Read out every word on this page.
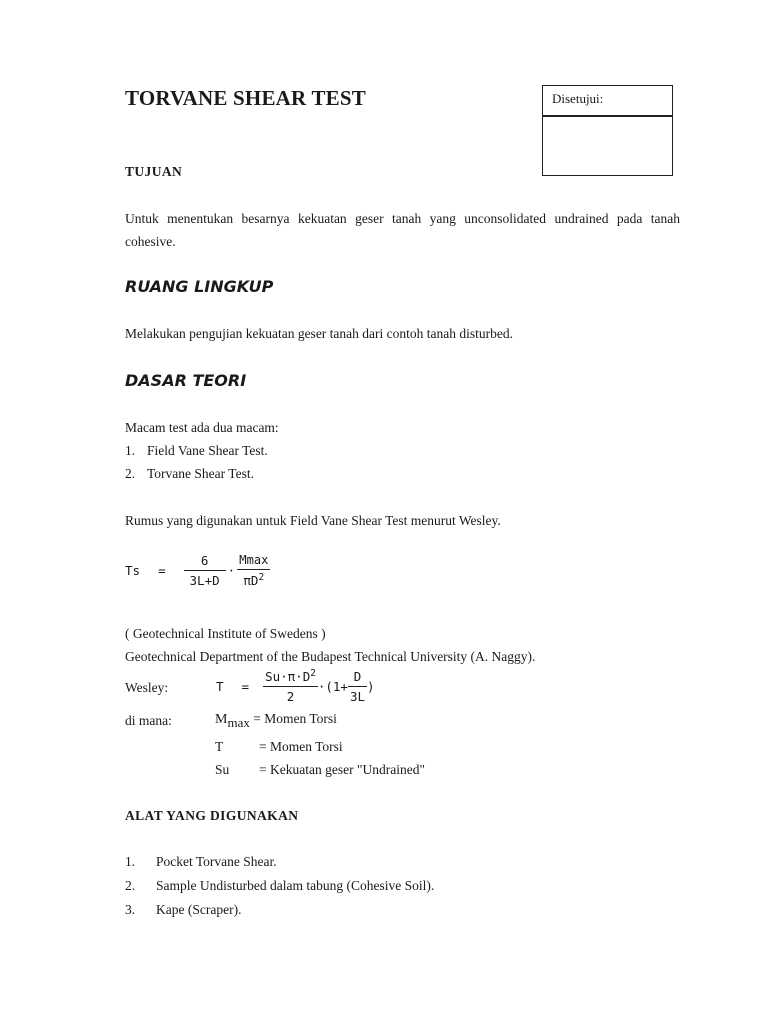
TORVANE SHEAR TEST	Disetujui:
TUJUAN
Untuk menentukan besarnya kekuatan geser tanah yang unconsolidated undrained pada tanah cohesive.
RUANG LINGKUP
Melakukan pengujian kekuatan geser tanah dari contoh tanah disturbed.
DASAR TEORI
Macam test ada dua macam:
1. Field Vane Shear Test.
2. Torvane Shear Test.
Rumus yang digunakan untuk Field Vane Shear Test menurut Wesley.
$Ts = \frac{6}{3L+D} \cdot \frac{Mmax}{\pi D^2}$
( Geotechnical Institute of Swedens )
Geotechnical Department of the Budapest Technical University (A. Naggy).
Wesley:	$T = \frac{Su\cdot\pi\cdot D^2}{2} \cdot(1+ \frac{D}{3L}$ )
di mana:	Mmax = Momen Torsi
T	= Momen Torsi
Su = Kekuatan geser "Undrained"
ALAT YANG DIGUNAKAN
1. Pocket Torvane Shear.
2. Sample Undisturbed dalam tabung (Cohesive Soil).
3. Kape (Scraper).
